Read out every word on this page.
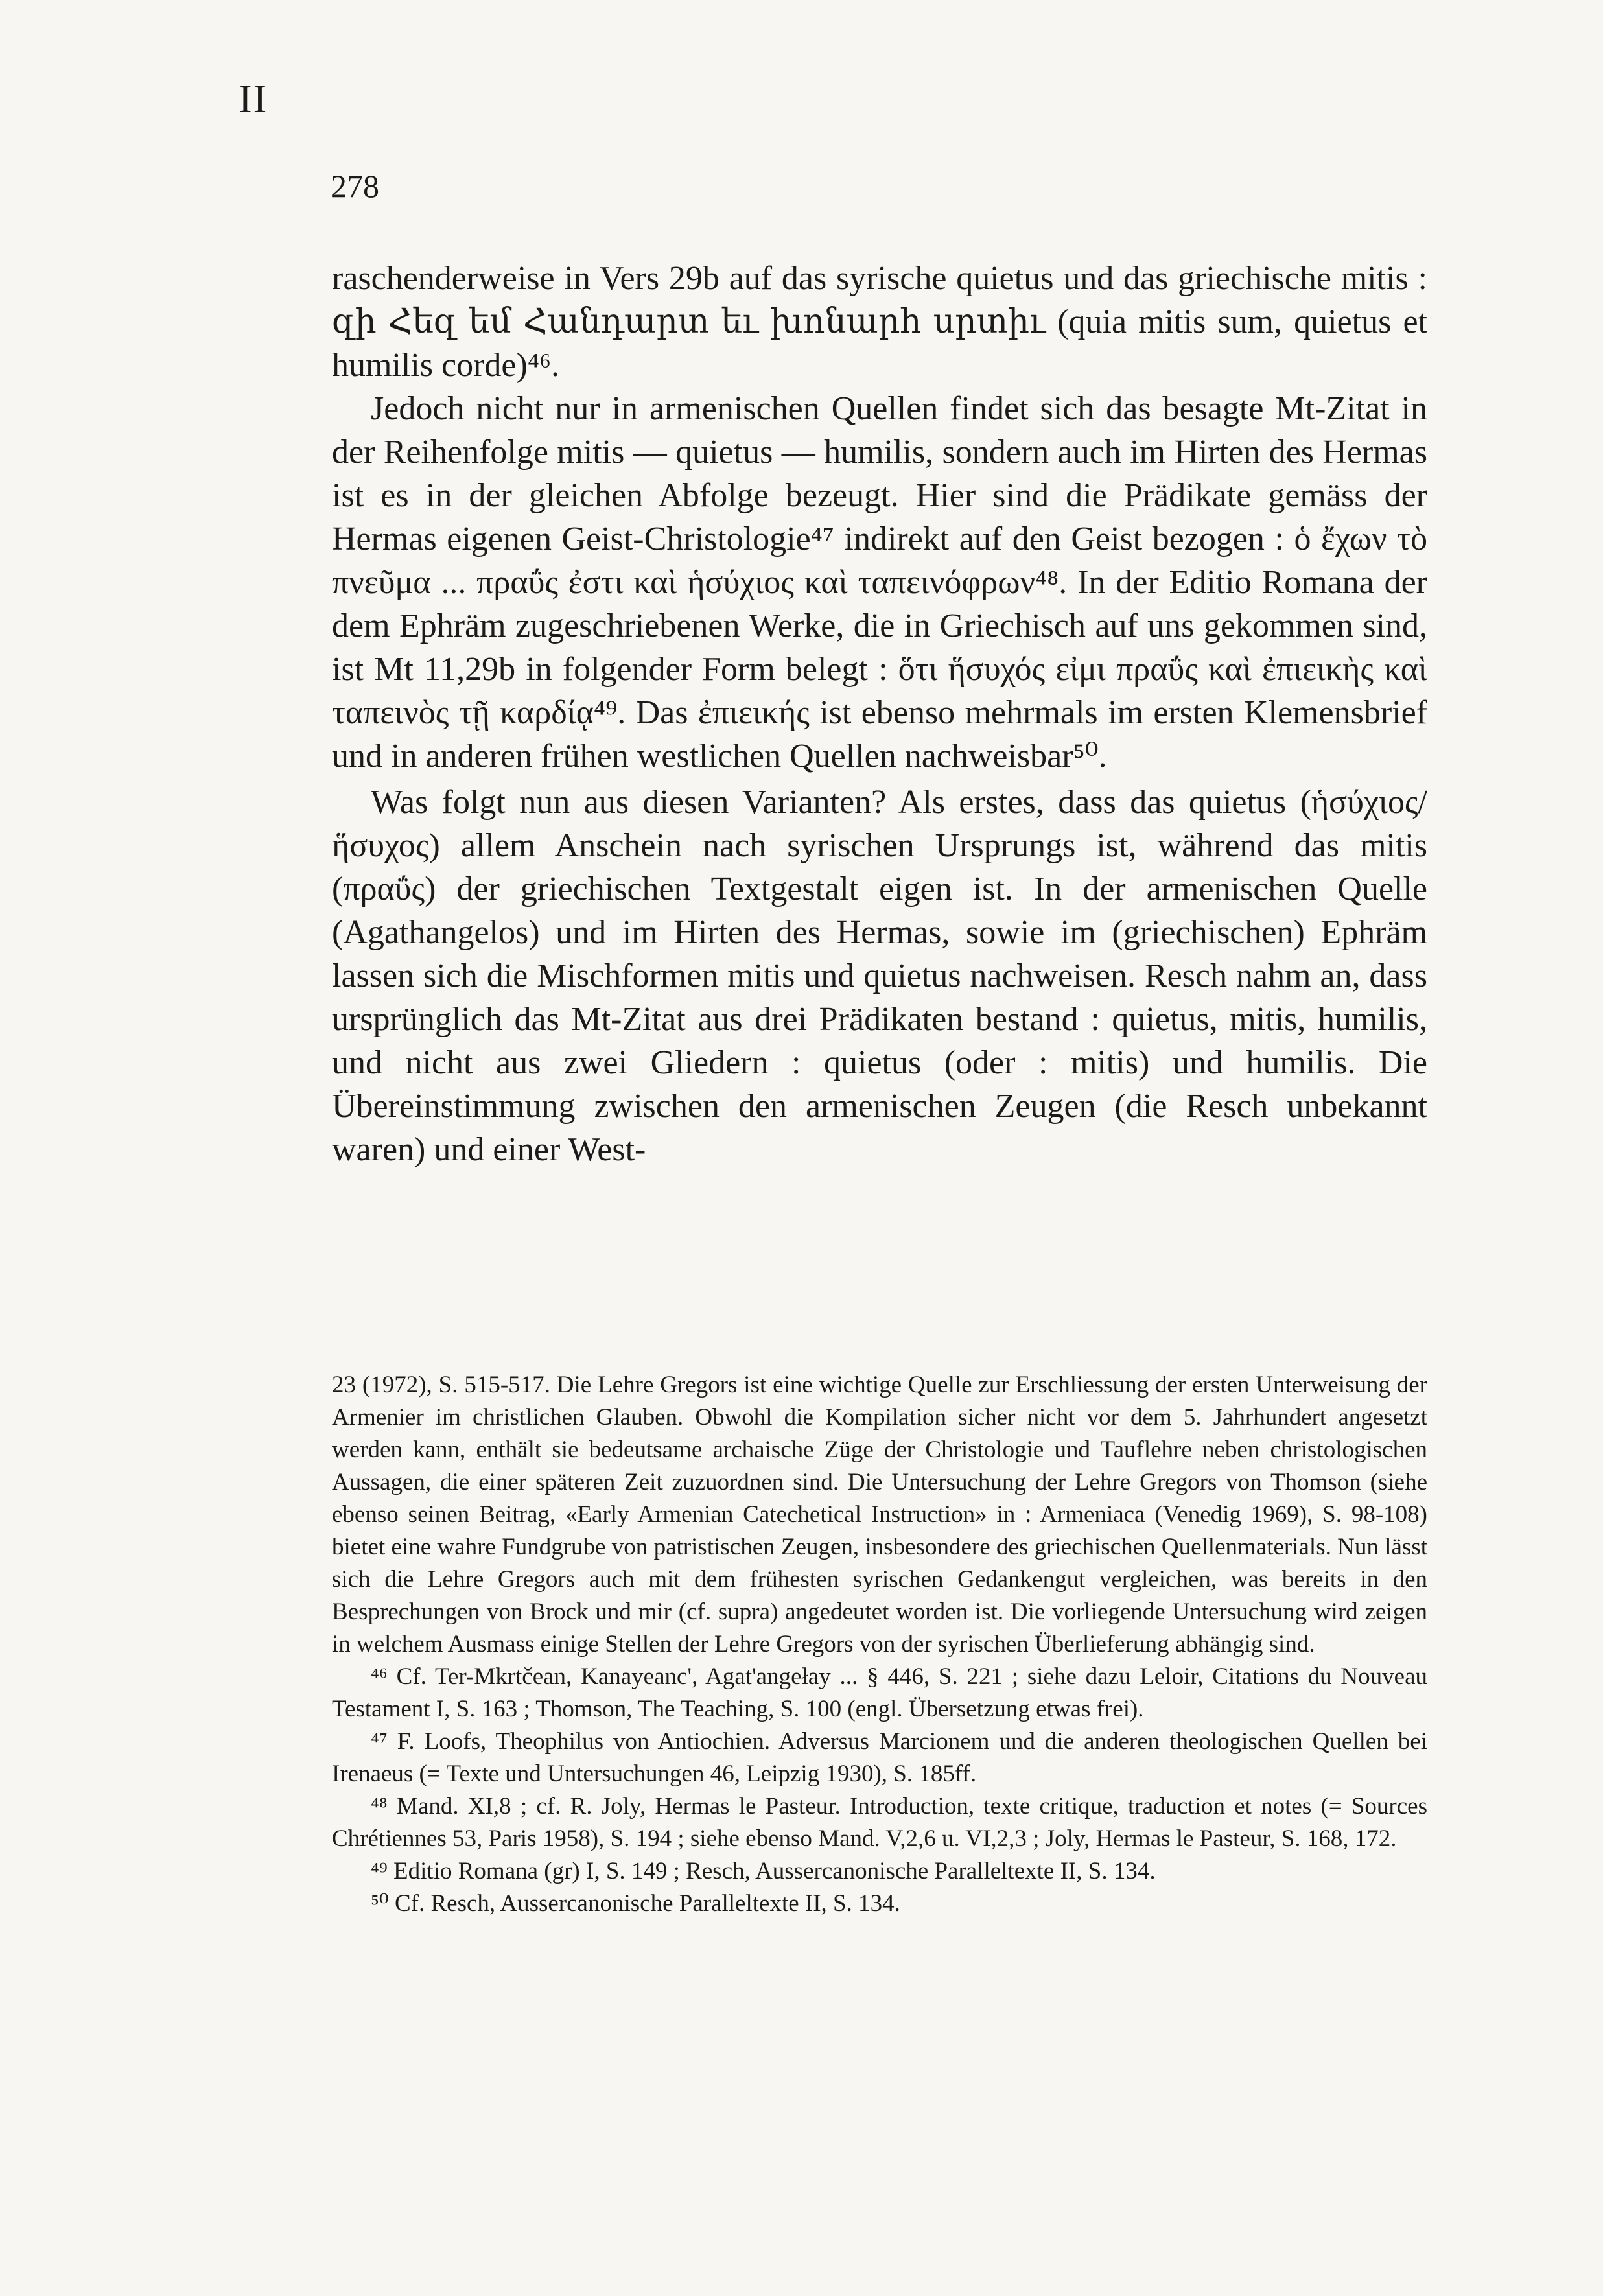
II
278

raschenderweise in Vers 29b auf das syrische quietus und das griechische mitis : զի Հեզ եմ Հանդարտ եւ խոնարհ սրտիւ (quia mitis sum, quietus et humilis corde)⁴⁶.

Jedoch nicht nur in armenischen Quellen findet sich das besagte Mt-Zitat in der Reihenfolge mitis — quietus — humilis, sondern auch im Hirten des Hermas ist es in der gleichen Abfolge bezeugt. Hier sind die Prädikate gemäss der Hermas eigenen Geist-Christologie⁴⁷ indirekt auf den Geist bezogen : ὁ ἔχων τὸ πνεῦμα ... πραΰς ἐστι καὶ ἡσύχιος καὶ ταπεινόφρων⁴⁸. In der Editio Romana der dem Ephräm zugeschriebenen Werke, die in Griechisch auf uns gekommen sind, ist Mt 11,29b in folgender Form belegt : ὅτι ἥσυχός εἰμι πραΰς καὶ ἐπιεικὴς καὶ ταπεινὸς τῇ καρδίᾳ⁴⁹. Das ἐπιεικής ist ebenso mehrmals im ersten Klemensbrief und in anderen frühen westlichen Quellen nachweisbar⁵⁰.

Was folgt nun aus diesen Varianten? Als erstes, dass das quietus (ἡσύχιος/ἥσυχος) allem Anschein nach syrischen Ursprungs ist, während das mitis (πραΰς) der griechischen Textgestalt eigen ist. In der armenischen Quelle (Agathangelos) und im Hirten des Hermas, sowie im (griechischen) Ephräm lassen sich die Mischformen mitis und quietus nachweisen. Resch nahm an, dass ursprünglich das Mt-Zitat aus drei Prädikaten bestand : quietus, mitis, humilis, und nicht aus zwei Gliedern : quietus (oder : mitis) und humilis. Die Übereinstimmung zwischen den armenischen Zeugen (die Resch unbekannt waren) und einer West-

23 (1972), S. 515-517. Die Lehre Gregors ist eine wichtige Quelle zur Erschliessung der ersten Unterweisung der Armenier im christlichen Glauben. Obwohl die Kompilation sicher nicht vor dem 5. Jahrhundert angesetzt werden kann, enthält sie bedeutsame archaische Züge der Christologie und Tauflehre neben christologischen Aussagen, die einer späteren Zeit zuzuordnen sind. Die Untersuchung der Lehre Gregors von Thomson (siehe ebenso seinen Beitrag, «Early Armenian Catechetical Instruction» in : Armeniaca (Venedig 1969), S. 98-108) bietet eine wahre Fundgrube von patristischen Zeugen, insbesondere des griechischen Quellenmaterials. Nun lässt sich die Lehre Gregors auch mit dem frühesten syrischen Gedankengut vergleichen, was bereits in den Besprechungen von Brock und mir (cf. supra) angedeutet worden ist. Die vorliegende Untersuchung wird zeigen in welchem Ausmass einige Stellen der Lehre Gregors von der syrischen Überlieferung abhängig sind.

⁴⁶ Cf. Ter-Mkrtčean, Kanayeanc', Agat'angełay ... § 446, S. 221 ; siehe dazu Leloir, Citations du Nouveau Testament I, S. 163 ; Thomson, The Teaching, S. 100 (engl. Übersetzung etwas frei).

⁴⁷ F. Loofs, Theophilus von Antiochien. Adversus Marcionem und die anderen theologischen Quellen bei Irenaeus (= Texte und Untersuchungen 46, Leipzig 1930), S. 185ff.

⁴⁸ Mand. XI,8 ; cf. R. Joly, Hermas le Pasteur. Introduction, texte critique, traduction et notes (= Sources Chrétiennes 53, Paris 1958), S. 194 ; siehe ebenso Mand. V,2,6 u. VI,2,3 ; Joly, Hermas le Pasteur, S. 168, 172.

⁴⁹ Editio Romana (gr) I, S. 149 ; Resch, Aussercanonische Paralleltexte II, S. 134.

⁵⁰ Cf. Resch, Aussercanonische Paralleltexte II, S. 134.
